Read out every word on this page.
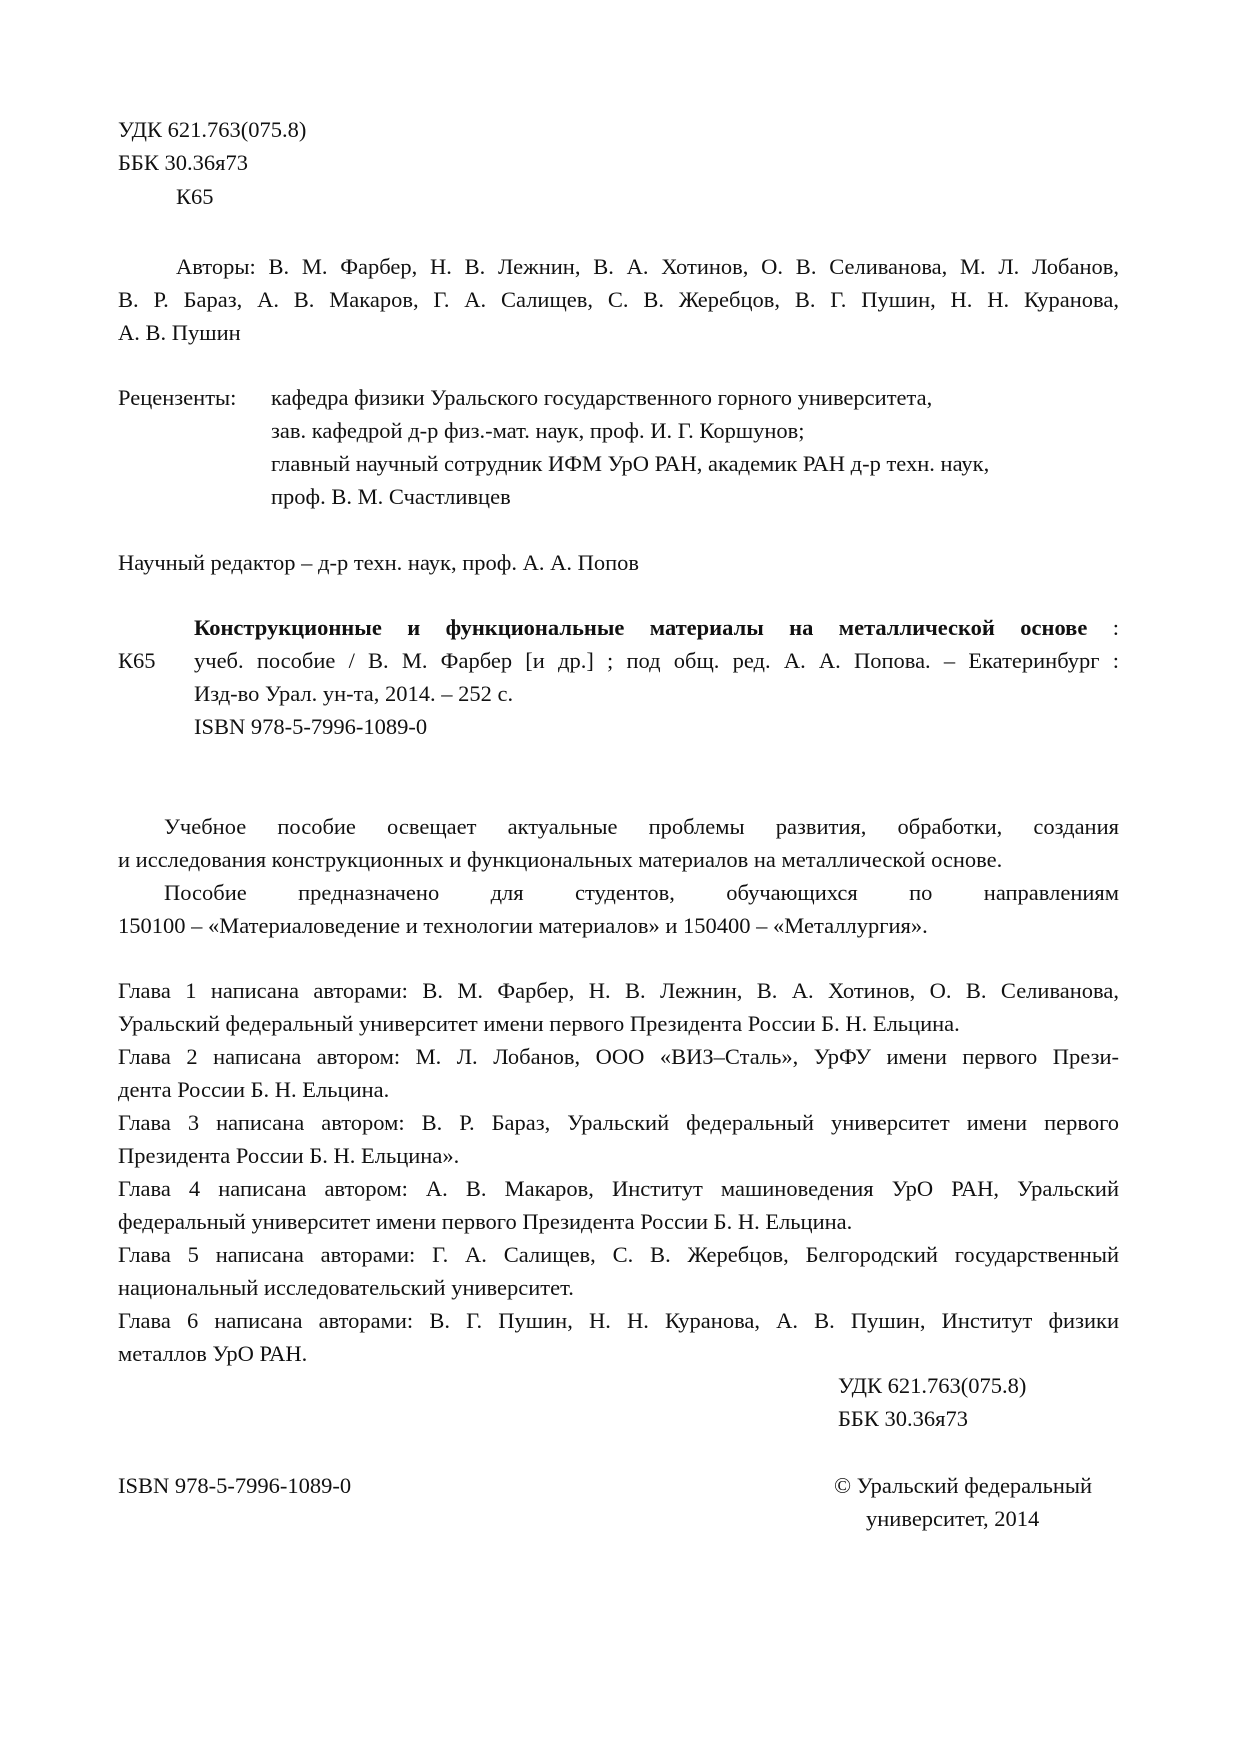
УДК 621.763(075.8)
ББК 30.36я73
К65
Авторы: В. М. Фарбер, Н. В. Лежнин, В. А. Хотинов, О. В. Селиванова, М. Л. Лобанов,
В. Р. Бараз, А. В. Макаров, Г. А. Салищев, С. В. Жеребцов, В. Г. Пушин, Н. Н. Куранова,
А. В. Пушин
Рецензенты: кафедра физики Уральского государственного горного университета,
зав. кафедрой д-р физ.-мат. наук, проф. И. Г. Коршунов;
главный научный сотрудник ИФМ УрО РАН, академик РАН д-р техн. наук,
проф. В. М. Счастливцев
Научный редактор – д-р техн. наук, проф. А. А. Попов
Конструкционные и функциональные материалы на металлической основе :
К65 учеб. пособие / В. М. Фарбер [и др.] ; под общ. ред. А. А. Попова. – Екатеринбург :
Изд-во Урал. ун-та, 2014. – 252 с.
ISBN 978-5-7996-1089-0
Учебное пособие освещает актуальные проблемы развития, обработки, создания
и исследования конструкционных и функциональных материалов на металлической основе.
Пособие предназначено для студентов, обучающихся по направлениям
150100 – «Материаловедение и технологии материалов» и 150400 – «Металлургия».
Глава 1 написана авторами: В. М. Фарбер, Н. В. Лежнин, В. А. Хотинов, О. В. Селиванова,
Уральский федеральный университет имени первого Президента России Б. Н. Ельцина.
Глава 2 написана автором: М. Л. Лобанов, ООО «ВИЗ–Сталь», УрФУ имени первого Прези-
дента России Б. Н. Ельцина.
Глава 3 написана автором: В. Р. Бараз, Уральский федеральный университет имени первого
Президента России Б. Н. Ельцина».
Глава 4 написана автором: А. В. Макаров, Институт машиноведения УрО РАН, Уральский
федеральный университет имени первого Президента России Б. Н. Ельцина.
Глава 5 написана авторами: Г. А. Салищев, С. В. Жеребцов, Белгородский государственный
национальный исследовательский университет.
Глава 6 написана авторами: В. Г. Пушин, Н. Н. Куранова, А. В. Пушин, Институт физики
металлов УрО РАН.
УДК 621.763(075.8)
ББК 30.36я73
ISBN 978-5-7996-1089-0	© Уральский федеральный
университет, 2014
